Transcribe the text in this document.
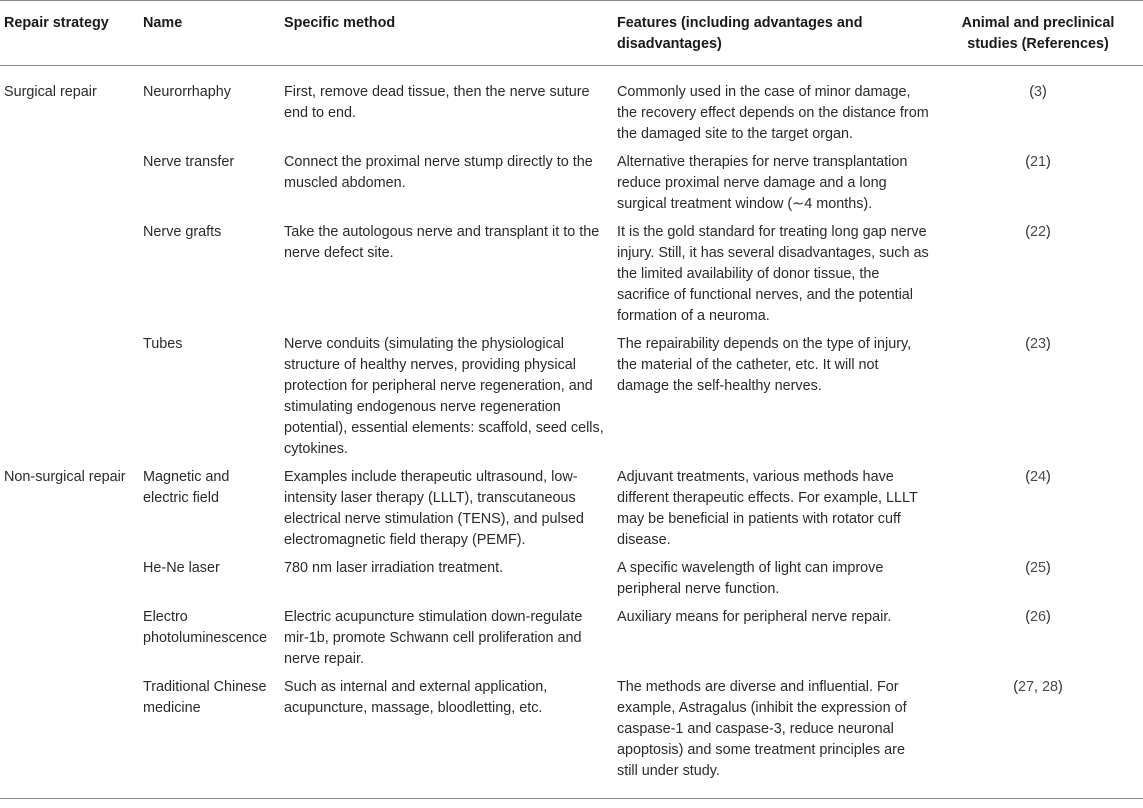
Repair strategy	Name	Specific method	Features (including advantages and disadvantages)	Animal and preclinical studies (References)
Surgical repair	Neurorrhaphy	First, remove dead tissue, then the nerve suture end to end.	Commonly used in the case of minor damage, the recovery effect depends on the distance from the damaged site to the target organ.	(3)
	Nerve transfer	Connect the proximal nerve stump directly to the muscled abdomen.	Alternative therapies for nerve transplantation reduce proximal nerve damage and a long surgical treatment window (∼4 months).	(21)
	Nerve grafts	Take the autologous nerve and transplant it to the nerve defect site.	It is the gold standard for treating long gap nerve injury. Still, it has several disadvantages, such as the limited availability of donor tissue, the sacrifice of functional nerves, and the potential formation of a neuroma.	(22)
	Tubes	Nerve conduits (simulating the physiological structure of healthy nerves, providing physical protection for peripheral nerve regeneration, and stimulating endogenous nerve regeneration potential), essential elements: scaffold, seed cells, cytokines.	The repairability depends on the type of injury, the material of the catheter, etc. It will not damage the self-healthy nerves.	(23)
Non-surgical repair	Magnetic and electric field	Examples include therapeutic ultrasound, low-intensity laser therapy (LLLT), transcutaneous electrical nerve stimulation (TENS), and pulsed electromagnetic field therapy (PEMF).	Adjuvant treatments, various methods have different therapeutic effects. For example, LLLT may be beneficial in patients with rotator cuff disease.	(24)
	He-Ne laser	780 nm laser irradiation treatment.	A specific wavelength of light can improve peripheral nerve function.	(25)
	Electro photoluminescence	Electric acupuncture stimulation down-regulate mir-1b, promote Schwann cell proliferation and nerve repair.	Auxiliary means for peripheral nerve repair.	(26)
	Traditional Chinese medicine	Such as internal and external application, acupuncture, massage, bloodletting, etc.	The methods are diverse and influential. For example, Astragalus (inhibit the expression of caspase-1 and caspase-3, reduce neuronal apoptosis) and some treatment principles are still under study.	(27, 28)
